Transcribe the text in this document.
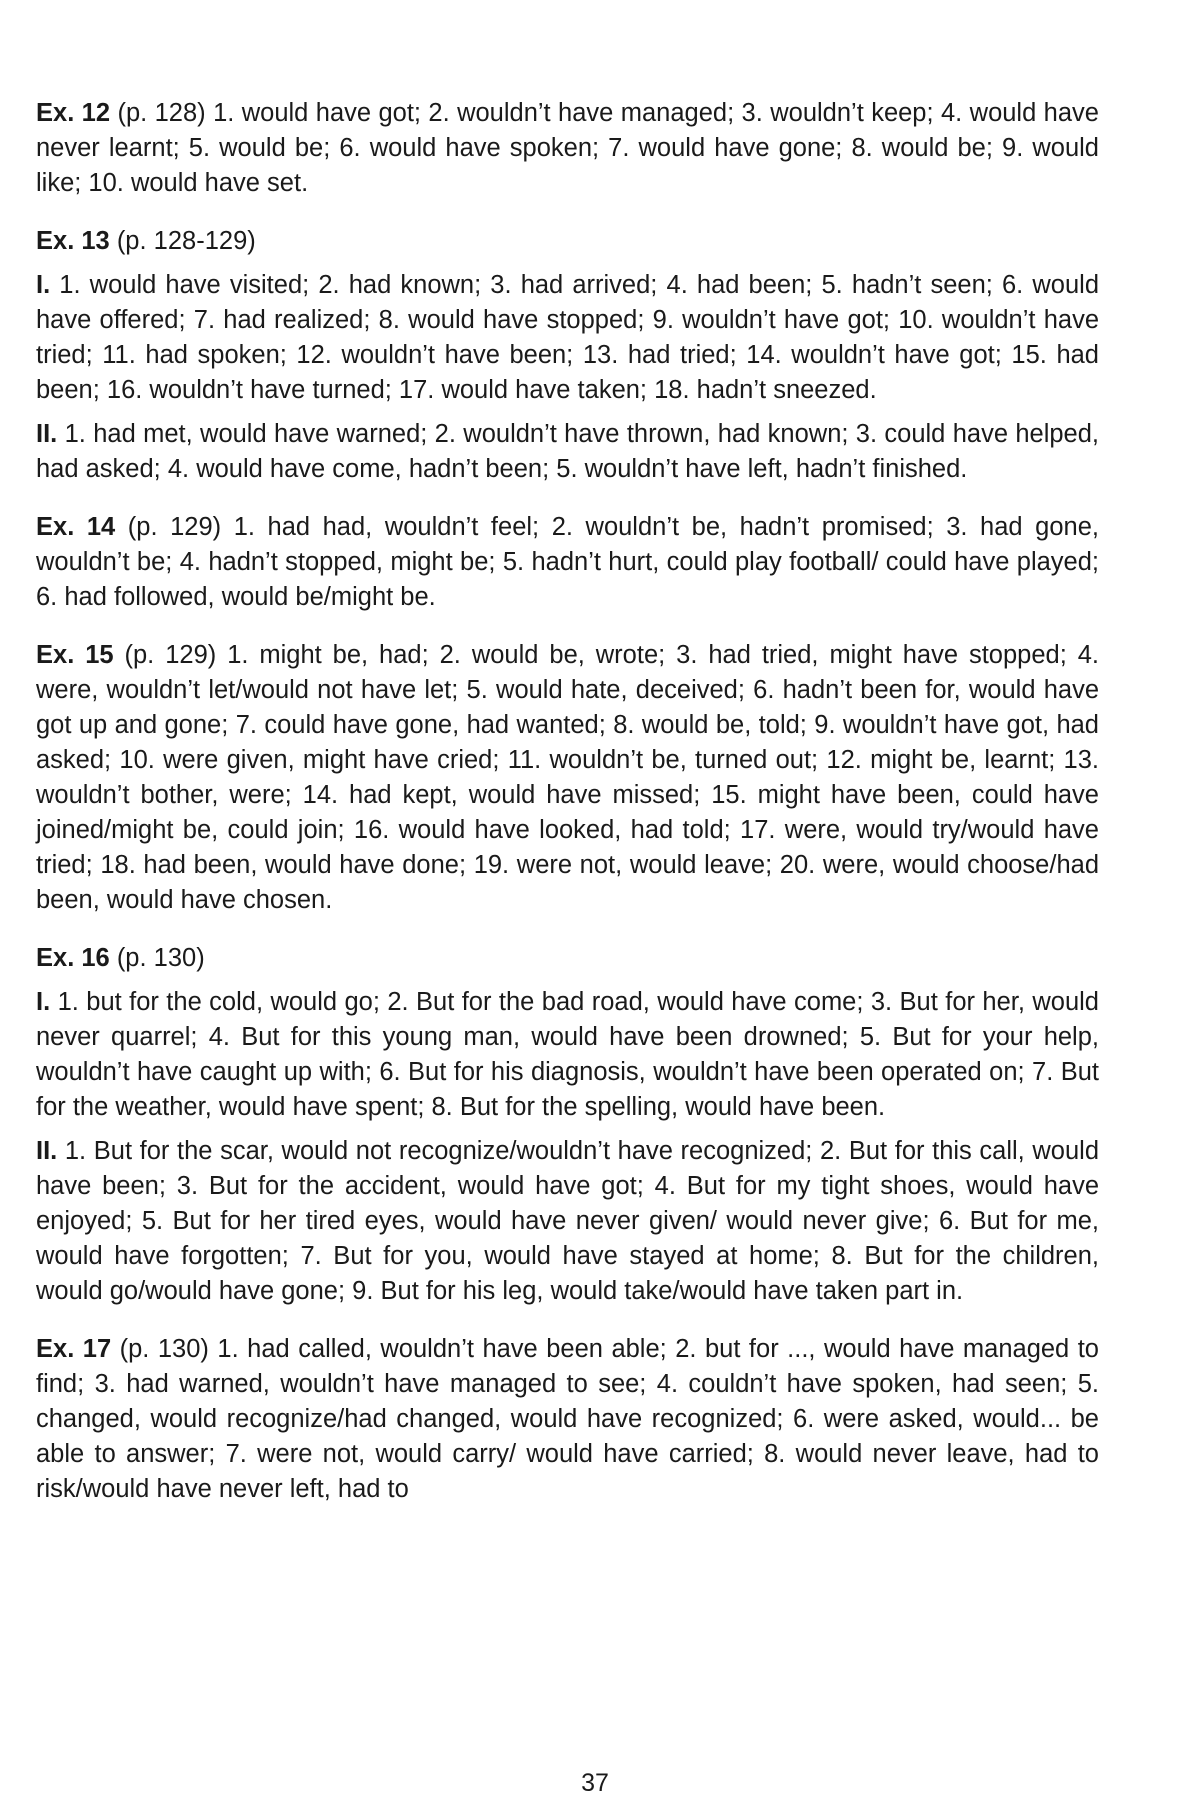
Ex. 12 (p. 128) 1. would have got; 2. wouldn’t have managed; 3. wouldn’t keep; 4. would have never learnt; 5. would be; 6. would have spoken; 7. would have gone; 8. would be; 9. would like; 10. would have set.

Ex. 13 (p. 128-129)

I. 1. would have visited; 2. had known; 3. had arrived; 4. had been; 5. hadn’t seen; 6. would have offered; 7. had realized; 8. would have stopped; 9. wouldn’t have got; 10. wouldn’t have tried; 11. had spoken; 12. wouldn’t have been; 13. had tried; 14. wouldn’t have got; 15. had been; 16. wouldn’t have turned; 17. would have taken; 18. hadn’t sneezed.

II. 1. had met, would have warned; 2. wouldn’t have thrown, had known; 3. could have helped, had asked; 4. would have come, hadn’t been; 5. wouldn’t have left, hadn’t finished.

Ex. 14 (p. 129) 1. had had, wouldn’t feel; 2. wouldn’t be, hadn’t promised; 3. had gone, wouldn’t be; 4. hadn’t stopped, might be; 5. hadn’t hurt, could play football/ could have played; 6. had followed, would be/might be.

Ex. 15 (p. 129) 1. might be, had; 2. would be, wrote; 3. had tried, might have stopped; 4. were, wouldn’t let/would not have let; 5. would hate, deceived; 6. hadn’t been for, would have got up and gone; 7. could have gone, had wanted; 8. would be, told; 9. wouldn’t have got, had asked; 10. were given, might have cried; 11. wouldn’t be, turned out; 12. might be, learnt; 13. wouldn’t bother, were; 14. had kept, would have missed; 15. might have been, could have joined/might be, could join; 16. would have looked, had told; 17. were, would try/would have tried; 18. had been, would have done; 19. were not, would leave; 20. were, would choose/had been, would have chosen.

Ex. 16 (p. 130)

I. 1. but for the cold, would go; 2. But for the bad road, would have come; 3. But for her, would never quarrel; 4. But for this young man, would have been drowned; 5. But for your help, wouldn’t have caught up with; 6. But for his diagnosis, wouldn’t have been operated on; 7. But for the weather, would have spent; 8. But for the spelling, would have been.

II. 1. But for the scar, would not recognize/wouldn’t have recognized; 2. But for this call, would have been; 3. But for the accident, would have got; 4. But for my tight shoes, would have enjoyed; 5. But for her tired eyes, would have never given/ would never give; 6. But for me, would have forgotten; 7. But for you, would have stayed at home; 8. But for the children, would go/would have gone; 9. But for his leg, would take/would have taken part in.

Ex. 17 (p. 130) 1. had called, wouldn’t have been able; 2. but for ..., would have managed to find; 3. had warned, wouldn’t have managed to see; 4. couldn’t have spoken, had seen; 5. changed, would recognize/had changed, would have recognized; 6. were asked, would... be able to answer; 7. were not, would carry/ would have carried; 8. would never leave, had to risk/would have never left, had to

37
